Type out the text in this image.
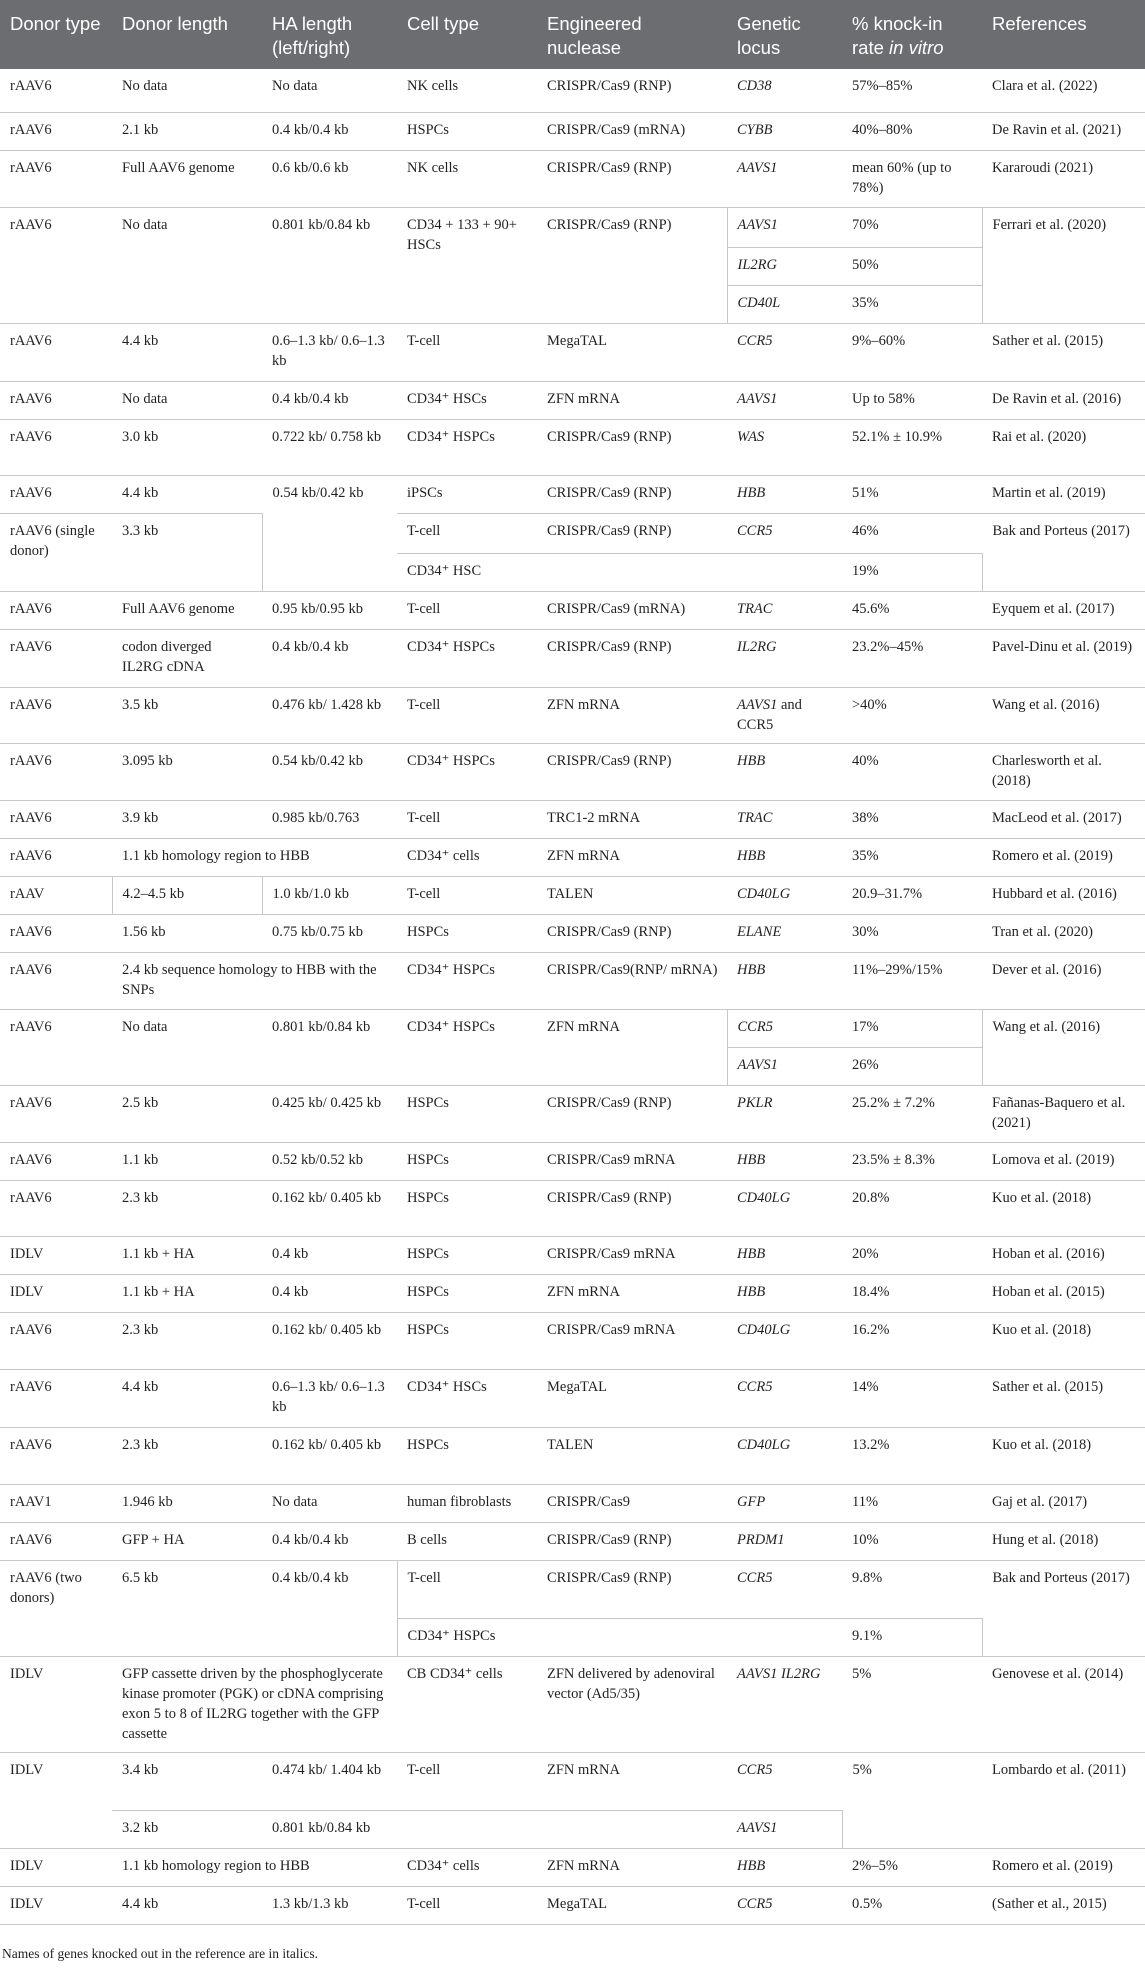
Donor type	Donor length	HA length (left/right)	Cell type	Engineered nuclease	Genetic locus	% knock-in rate in vitro	References
rAAV6	No data	No data	NK cells	CRISPR/Cas9 (RNP)	CD38	57%–85%	Clara et al. (2022)
rAAV6	2.1 kb	0.4 kb/0.4 kb	HSPCs	CRISPR/Cas9 (mRNA)	CYBB	40%–80%	De Ravin et al. (2021)
rAAV6	Full AAV6 genome	0.6 kb/0.6 kb	NK cells	CRISPR/Cas9 (RNP)	AAVS1	mean 60% (up to 78%)	Kararoudi (2021)
rAAV6	No data	0.801 kb/0.84 kb	CD34 + 133 + 90+ HSCs	CRISPR/Cas9 (RNP)	AAVS1	70%	Ferrari et al. (2020)
					IL2RG	50%	
					CD40L	35%	
rAAV6	4.4 kb	0.6–1.3 kb/ 0.6–1.3 kb	T-cell	MegaTAL	CCR5	9%–60%	Sather et al. (2015)
rAAV6	No data	0.4 kb/0.4 kb	CD34⁺ HSCs	ZFN mRNA	AAVS1	Up to 58%	De Ravin et al. (2016)
rAAV6	3.0 kb	0.722 kb/ 0.758 kb	CD34⁺ HSPCs	CRISPR/Cas9 (RNP)	WAS	52.1% ± 10.9%	Rai et al. (2020)
rAAV6	4.4 kb	0.54 kb/0.42 kb	iPSCs	CRISPR/Cas9 (RNP)	HBB	51%	Martin et al. (2019)
rAAV6 (single donor)	3.3 kb		T-cell	CRISPR/Cas9 (RNP)	CCR5	46%	Bak and Porteus (2017)
			CD34⁺ HSC			19%	
rAAV6	Full AAV6 genome	0.95 kb/0.95 kb	T-cell	CRISPR/Cas9 (mRNA)	TRAC	45.6%	Eyquem et al. (2017)
rAAV6	codon diverged IL2RG cDNA	0.4 kb/0.4 kb	CD34⁺ HSPCs	CRISPR/Cas9 (RNP)	IL2RG	23.2%–45%	Pavel-Dinu et al. (2019)
rAAV6	3.5 kb	0.476 kb/ 1.428 kb	T-cell	ZFN mRNA	AAVS1 and CCR5	>40%	Wang et al. (2016)
rAAV6	3.095 kb	0.54 kb/0.42 kb	CD34⁺ HSPCs	CRISPR/Cas9 (RNP)	HBB	40%	Charlesworth et al. (2018)
rAAV6	3.9 kb	0.985 kb/0.763	T-cell	TRC1-2 mRNA	TRAC	38%	MacLeod et al. (2017)
rAAV6	1.1 kb homology region to HBB		CD34⁺ cells	ZFN mRNA	HBB	35%	Romero et al. (2019)
rAAV	4.2–4.5 kb	1.0 kb/1.0 kb	T-cell	TALEN	CD40LG	20.9–31.7%	Hubbard et al. (2016)
rAAV6	1.56 kb	0.75 kb/0.75 kb	HSPCs	CRISPR/Cas9 (RNP)	ELANE	30%	Tran et al. (2020)
rAAV6	2.4 kb sequence homology to HBB with the SNPs		CD34⁺ HSPCs	CRISPR/Cas9(RNP/ mRNA)	HBB	11%–29%/15%	Dever et al. (2016)
rAAV6	No data	0.801 kb/0.84 kb	CD34⁺ HSPCs	ZFN mRNA	CCR5	17%	Wang et al. (2016)
					AAVS1	26%	
rAAV6	2.5 kb	0.425 kb/ 0.425 kb	HSPCs	CRISPR/Cas9 (RNP)	PKLR	25.2% ± 7.2%	Fañanas-Baquero et al. (2021)
rAAV6	1.1 kb	0.52 kb/0.52 kb	HSPCs	CRISPR/Cas9 mRNA	HBB	23.5% ± 8.3%	Lomova et al. (2019)
rAAV6	2.3 kb	0.162 kb/ 0.405 kb	HSPCs	CRISPR/Cas9 (RNP)	CD40LG	20.8%	Kuo et al. (2018)
IDLV	1.1 kb + HA	0.4 kb	HSPCs	CRISPR/Cas9 mRNA	HBB	20%	Hoban et al. (2016)
IDLV	1.1 kb + HA	0.4 kb	HSPCs	ZFN mRNA	HBB	18.4%	Hoban et al. (2015)
rAAV6	2.3 kb	0.162 kb/ 0.405 kb	HSPCs	CRISPR/Cas9 mRNA	CD40LG	16.2%	Kuo et al. (2018)
rAAV6	4.4 kb	0.6–1.3 kb/ 0.6–1.3 kb	CD34⁺ HSCs	MegaTAL	CCR5	14%	Sather et al. (2015)
rAAV6	2.3 kb	0.162 kb/ 0.405 kb	HSPCs	TALEN	CD40LG	13.2%	Kuo et al. (2018)
rAAV1	1.946 kb	No data	human fibroblasts	CRISPR/Cas9	GFP	11%	Gaj et al. (2017)
rAAV6	GFP + HA	0.4 kb/0.4 kb	B cells	CRISPR/Cas9 (RNP)	PRDM1	10%	Hung et al. (2018)
rAAV6 (two donors)	6.5 kb	0.4 kb/0.4 kb	T-cell	CRISPR/Cas9 (RNP)	CCR5	9.8%	Bak and Porteus (2017)
			CD34⁺ HSPCs			9.1%	
IDLV	GFP cassette driven by the phosphoglycerate kinase promoter (PGK) or cDNA comprising exon 5 to 8 of IL2RG together with the GFP cassette		CB CD34⁺ cells	ZFN delivered by adenoviral vector (Ad5/35)	AAVS1 IL2RG	5%	Genovese et al. (2014)
IDLV	3.4 kb	0.474 kb/ 1.404 kb	T-cell	ZFN mRNA	CCR5	5%	Lombardo et al. (2011)
	3.2 kb	0.801 kb/0.84 kb			AAVS1		
IDLV	1.1 kb homology region to HBB		CD34⁺ cells	ZFN mRNA	HBB	2%–5%	Romero et al. (2019)
IDLV	4.4 kb	1.3 kb/1.3 kb	T-cell	MegaTAL	CCR5	0.5%	(Sather et al., 2015)
Names of genes knocked out in the reference are in italics.
